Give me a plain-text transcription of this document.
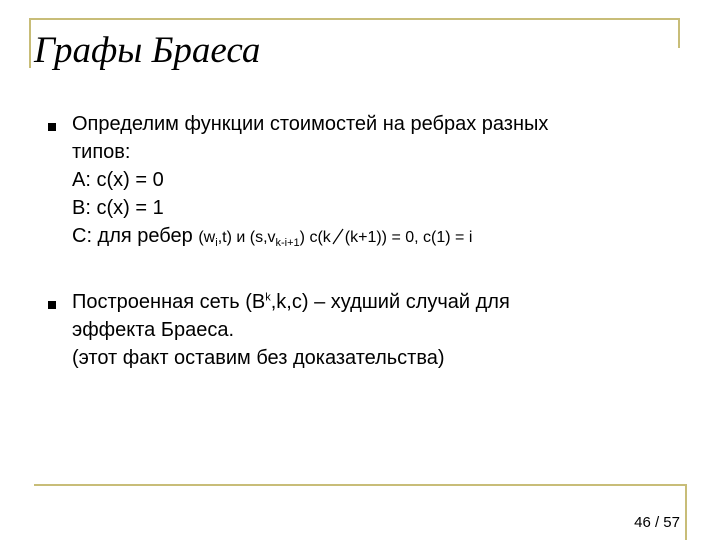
Графы Браеса
Определим функции стоимостей на ребрах разных
типов:
A: c(x) = 0
B: c(x) = 1
C: для ребер $(w_i,t)$ и $(s,v_{k-i+1})$ c(k (k+1)) = 0, c(1) = i
Построенная сеть $(B^k,k,c)$ – худший случай для
эффекта Браеса.
(этот факт оставим без доказательства)
46 / 57
